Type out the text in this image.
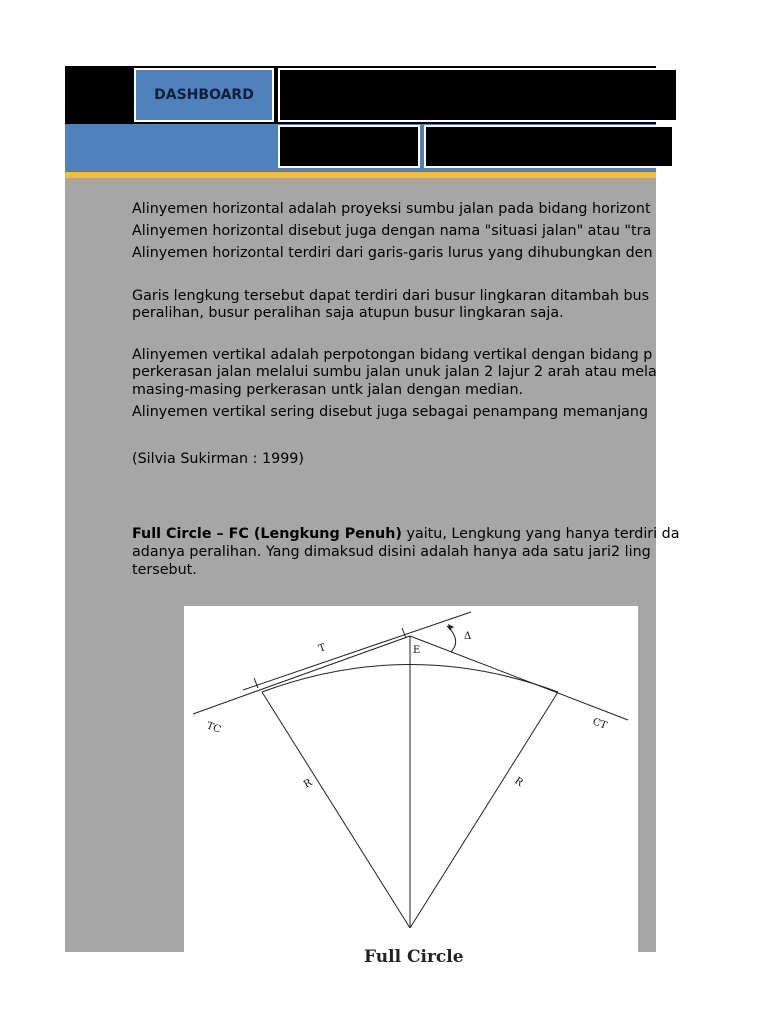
DASHBOARD

Alinyemen horizontal adalah proyeksi sumbu jalan pada bidang horizont

Alinyemen horizontal disebut juga dengan nama "situasi jalan" atau "tra

Alinyemen horizontal terdiri dari garis-garis lurus yang dihubungkan den

Garis lengkung tersebut dapat terdiri dari busur lingkaran ditambah bus

peralihan, busur peralihan saja atupun busur lingkaran saja.

Alinyemen vertikal adalah perpotongan bidang vertikal dengan bidang p

perkerasan jalan melalui sumbu jalan unuk jalan 2 lajur 2 arah atau mela

masing-masing perkerasan untk jalan dengan median.

Alinyemen vertikal sering disebut juga sebagai penampang memanjang

(Silvia Sukirman : 1999)

Full Circle – FC (Lengkung Penuh) yaitu, Lengkung yang hanya terdiri da

adanya peralihan. Yang dimaksud disini adalah hanya ada satu jari2 ling

tersebut.

T	E
Δ
TC	CT
R	R
Full Circle
